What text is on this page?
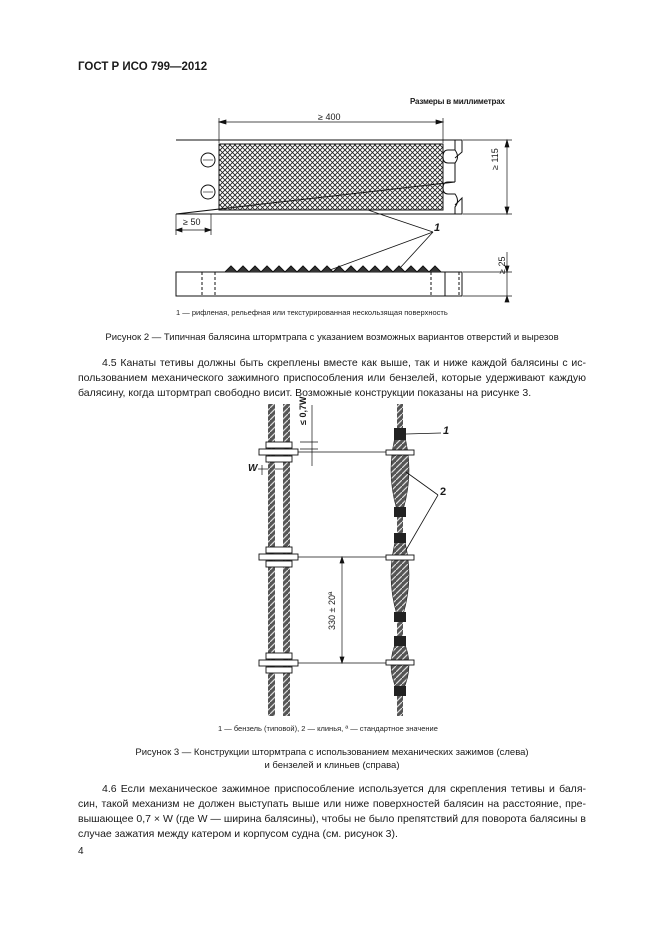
ГОСТ Р ИСО 799—2012
Размеры в миллиметрах
≥ 400
≥ 115
≥ 50
≥ 25
1
1 — рифленая, рельефная или текстурированная нескользящая поверхность
Рисунок 2 — Типичная балясина штормтрапа с указанием возможных вариантов отверстий и вырезов
4.5 Канаты тетивы должны быть скреплены вместе как выше, так и ниже каждой балясины с ис-
пользованием механического зажимного приспособления или бензелей, которые удерживают каждую
балясину, когда штормтрап свободно висит. Возможные конструкции показаны на рисунке 3.
≤ 0,7W
W
330 ± 20ª
1
2
1 — бензель (типовой), 2 — клинья, ª — стандартное значение
Рисунок 3 — Конструкции штормтрапа с использованием механических зажимов (слева)
и бензелей и клиньев (справа)
4.6 Если механическое зажимное приспособление используется для скрепления тетивы и баля-
син, такой механизм не должен выступать выше или ниже поверхностей балясин на расстояние, пре-
вышающее 0,7 × W (где W — ширина балясины), чтобы не было препятствий для поворота балясины в
случае зажатия между катером и корпусом судна (см. рисунок 3).
4
